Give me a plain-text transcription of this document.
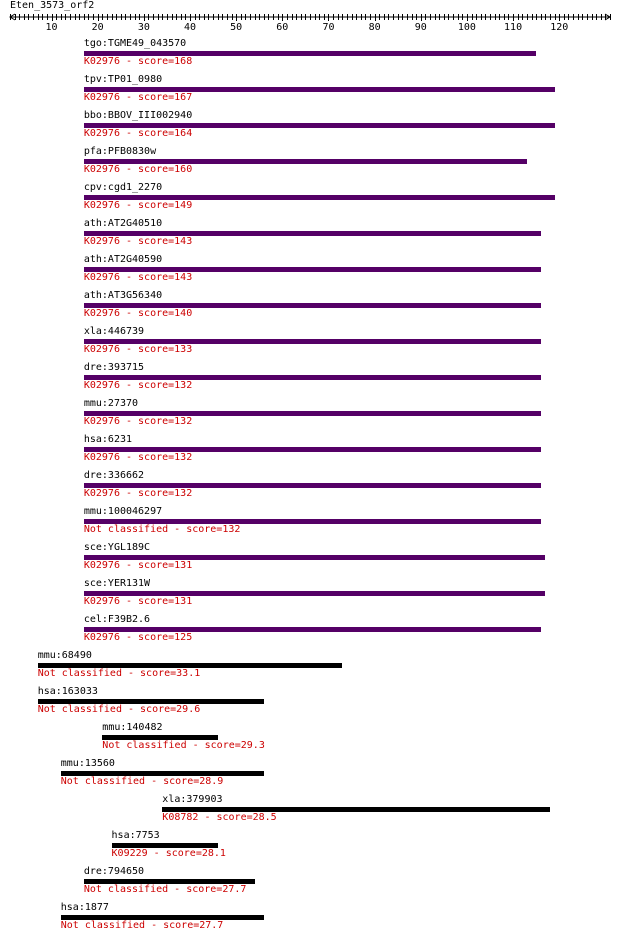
Eten_3573_orf2
10	20	30	40	50	60	70	80	90	100	110	120
tgo:TGME49_043570
K02976 - score=168
tpv:TP01_0980
K02976 - score=167
bbo:BBOV_III002940
K02976 - score=164
pfa:PFB0830w
K02976 - score=160
cpv:cgd1_2270
K02976 - score=149
ath:AT2G40510
K02976 - score=143
ath:AT2G40590
K02976 - score=143
ath:AT3G56340
K02976 - score=140
xla:446739
K02976 - score=133
dre:393715
K02976 - score=132
mmu:27370
K02976 - score=132
hsa:6231
K02976 - score=132
dre:336662
K02976 - score=132
mmu:100046297
Not classified - score=132
sce:YGL189C
K02976 - score=131
sce:YER131W
K02976 - score=131
cel:F39B2.6
K02976 - score=125
mmu:68490
Not classified - score=33.1
hsa:163033
Not classified - score=29.6
mmu:140482
Not classified - score=29.3
mmu:13560
Not classified - score=28.9
xla:379903
K08782 - score=28.5
hsa:7753
K09229 - score=28.1
dre:794650
Not classified - score=27.7
hsa:1877
Not classified - score=27.7
